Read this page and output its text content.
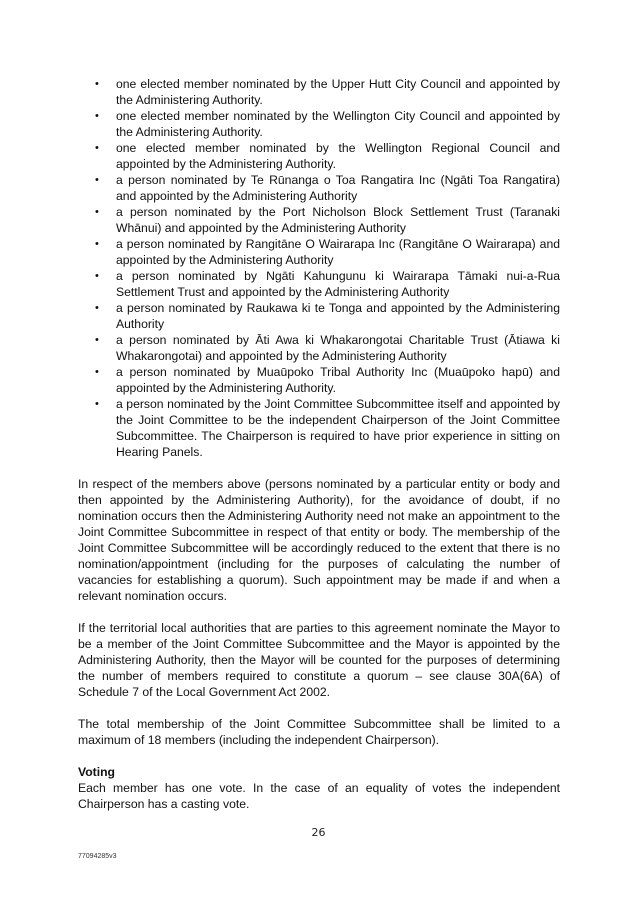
•	one elected member nominated by the Upper Hutt City Council and appointed by the Administering Authority.
•	one elected member nominated by the Wellington City Council and appointed by the Administering Authority.
•	one elected member nominated by the Wellington Regional Council and appointed by the Administering Authority.
•	a person nominated by Te Rūnanga o Toa Rangatira Inc (Ngāti Toa Rangatira) and appointed by the Administering Authority
•	a person nominated by the Port Nicholson Block Settlement Trust (Taranaki Whānui) and appointed by the Administering Authority
•	a person nominated by Rangitāne O Wairarapa Inc (Rangitāne O Wairarapa) and appointed by the Administering Authority
•	a person nominated by Ngāti Kahungunu ki Wairarapa Tāmaki nui-a-Rua Settlement Trust and appointed by the Administering Authority
•	a person nominated by Raukawa ki te Tonga and appointed by the Administering Authority
•	a person nominated by Āti Awa ki Whakarongotai Charitable Trust (Ātiawa ki Whakarongotai) and appointed by the Administering Authority
•	a person nominated by Muaūpoko Tribal Authority Inc (Muaūpoko hapū) and appointed by the Administering Authority.
•	a person nominated by the Joint Committee Subcommittee itself and appointed by the Joint Committee to be the independent Chairperson of the Joint Committee Subcommittee. The Chairperson is required to have prior experience in sitting on Hearing Panels.

In respect of the members above (persons nominated by a particular entity or body and then appointed by the Administering Authority), for the avoidance of doubt, if no nomination occurs then the Administering Authority need not make an appointment to the Joint Committee Subcommittee in respect of that entity or body. The membership of the Joint Committee Subcommittee will be accordingly reduced to the extent that there is no nomination/appointment (including for the purposes of calculating the number of vacancies for establishing a quorum). Such appointment may be made if and when a relevant nomination occurs.

If the territorial local authorities that are parties to this agreement nominate the Mayor to be a member of the Joint Committee Subcommittee and the Mayor is appointed by the Administering Authority, then the Mayor will be counted for the purposes of determining the number of members required to constitute a quorum – see clause 30A(6A) of Schedule 7 of the Local Government Act 2002.

The total membership of the Joint Committee Subcommittee shall be limited to a maximum of 18 members (including the independent Chairperson).

Voting

Each member has one vote. In the case of an equality of votes the independent Chairperson has a casting vote.

26
77094285v3
